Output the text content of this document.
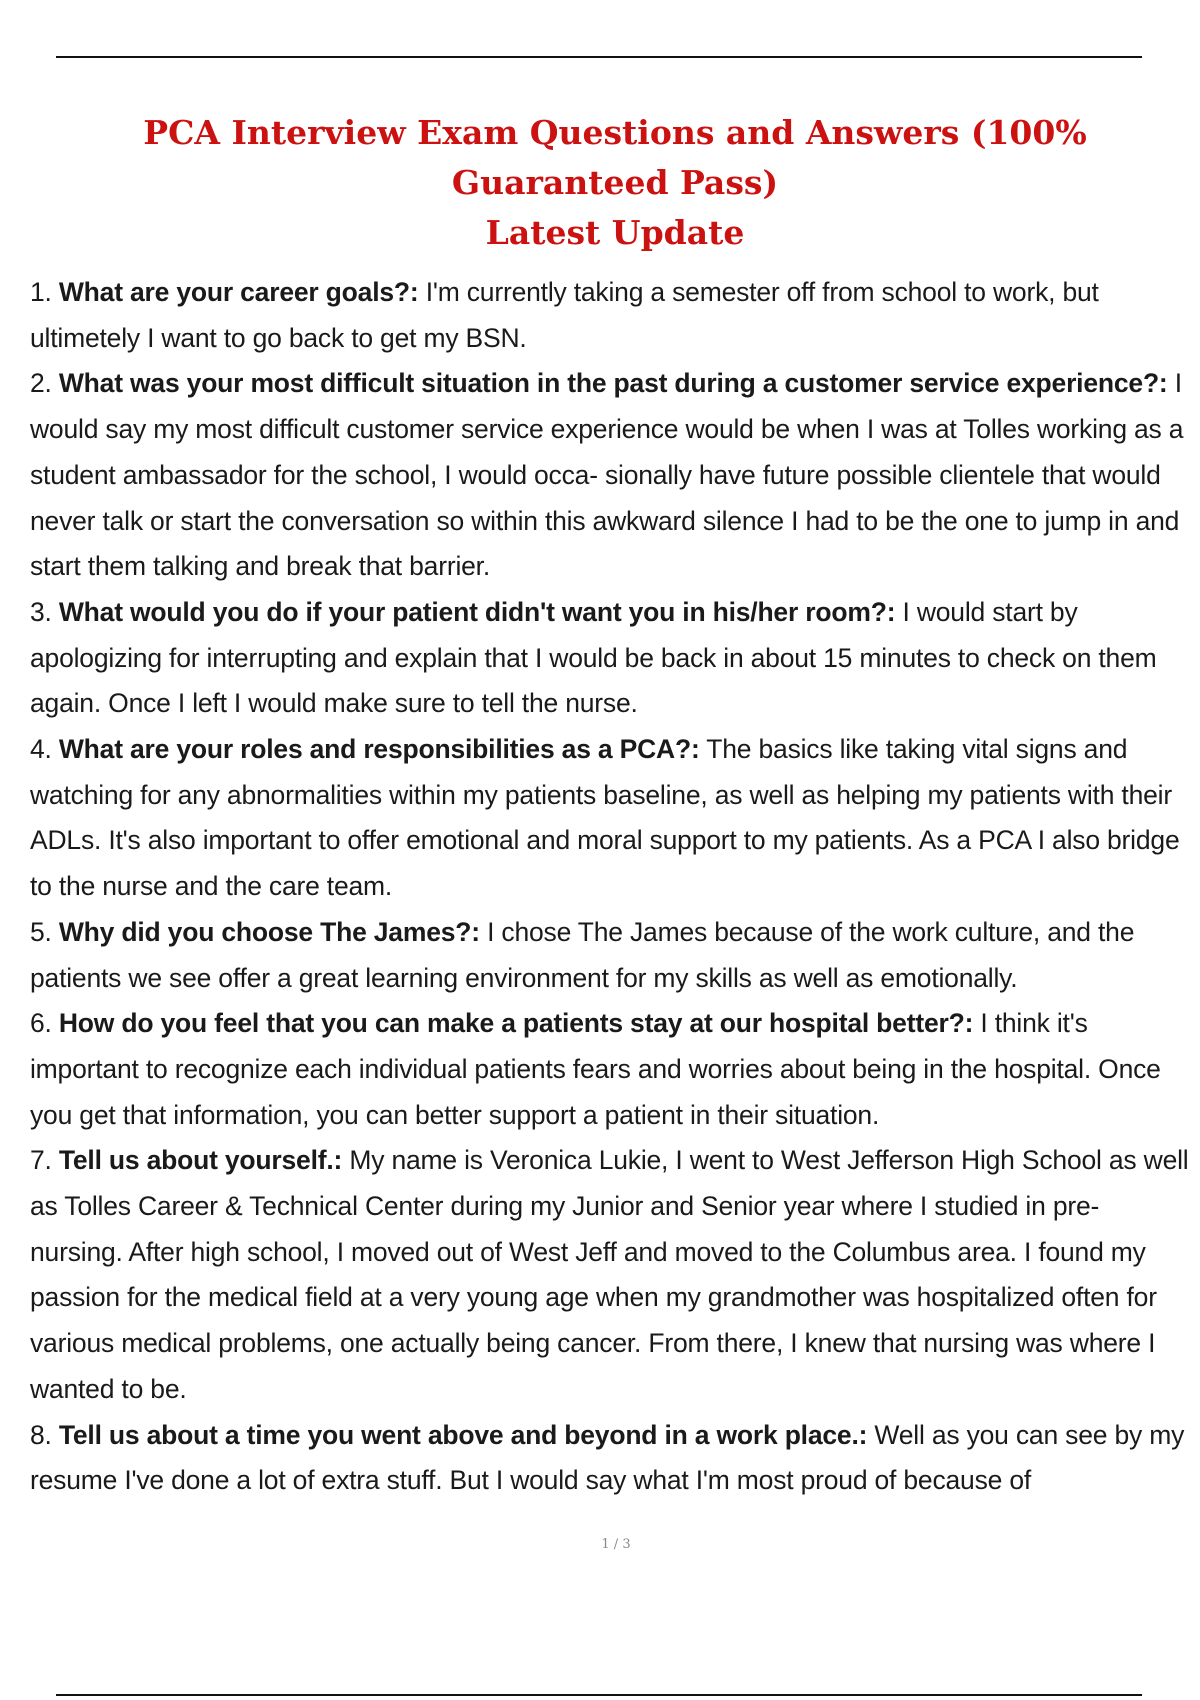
PCA Interview Exam Questions and Answers (100% Guaranteed Pass)
Latest Update

1. What are your career goals?: I'm currently taking a semester off from school to work, but ultimetely I want to go back to get my BSN.

2. What was your most difficult situation in the past during a customer service experience?: I would say my most difficult customer service experience would be when I was at Tolles working as a student ambassador for the school, I would occa- sionally have future possible clientele that would never talk or start the conversation so within this awkward silence I had to be the one to jump in and start them talking and break that barrier.

3. What would you do if your patient didn't want you in his/her room?: I would start by apologizing for interrupting and explain that I would be back in about 15 minutes to check on them again. Once I left I would make sure to tell the nurse.

4. What are your roles and responsibilities as a PCA?: The basics like taking vital signs and watching for any abnormalities within my patients baseline, as well as helping my patients with their ADLs. It's also important to offer emotional and moral support to my patients. As a PCA I also bridge to the nurse and the care team.

5. Why did you choose The James?: I chose The James because of the work culture, and the patients we see offer a great learning environment for my skills as well as emotionally.

6. How do you feel that you can make a patients stay at our hospital better?: I think it's important to recognize each individual patients fears and worries about being in the hospital. Once you get that information, you can better support a patient in their situation.

7. Tell us about yourself.: My name is Veronica Lukie, I went to West Jefferson High School as well as Tolles Career & Technical Center during my Junior and Senior year where I studied in pre-nursing. After high school, I moved out of West Jeff and moved to the Columbus area. I found my passion for the medical field at a very young age when my grandmother was hospitalized often for various medical problems, one actually being cancer. From there, I knew that nursing was where I wanted to be.

8. Tell us about a time you went above and beyond in a work place.: Well as you can see by my resume I've done a lot of extra stuff. But I would say what I'm most proud of because of

1 / 3
